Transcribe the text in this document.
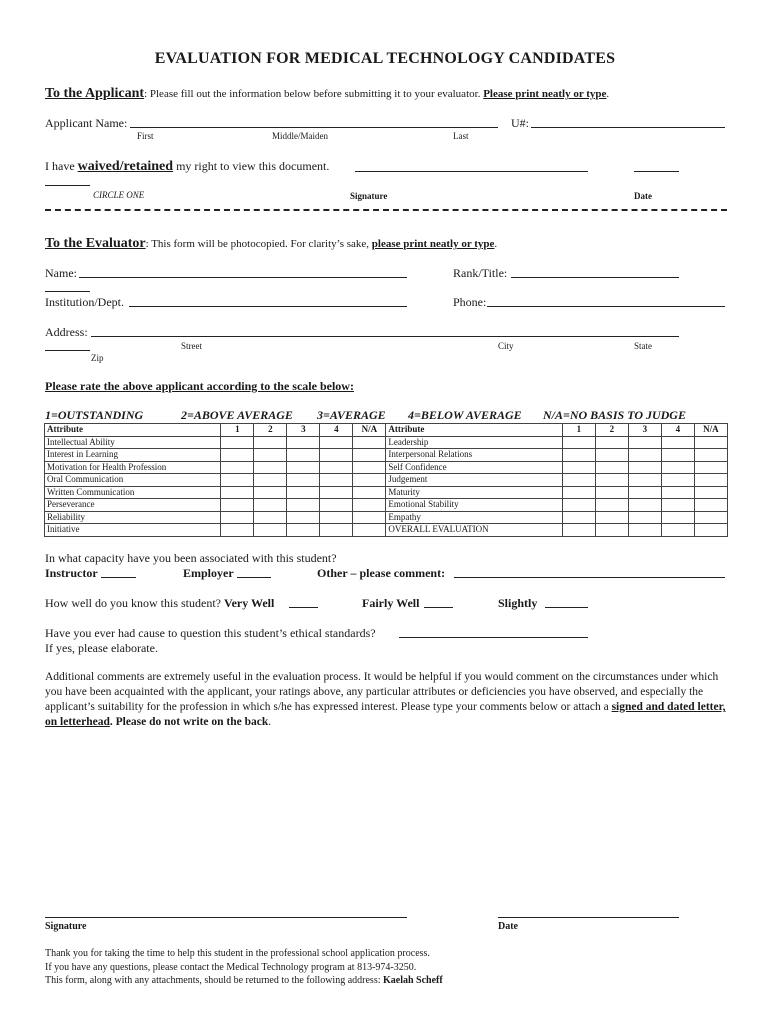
EVALUATION FOR MEDICAL TECHNOLOGY CANDIDATES
To the Applicant: Please fill out the information below before submitting it to your evaluator. Please print neatly or type.
Applicant Name:	U#:
First	Middle/Maiden	Last
I have waived/retained my right to view this document.
CIRCLE ONE	Signature	Date
To the Evaluator: This form will be photocopied. For clarity’s sake, please print neatly or type.
Name:	Rank/Title:
Institution/Dept.	Phone:
Address:
Street	City	State
Zip
Please rate the above applicant according to the scale below:
1=OUTSTANDING	2=ABOVE AVERAGE 3=AVERAGE 4=BELOW AVERAGE N/A=NO BASIS TO JUDGE
Attribute	1	2	3	4	N/A	Attribute	1	2	3	4	N/A
Intellectual Ability						Leadership					
Interest in Learning						Interpersonal Relations					
Motivation for Health Profession						Self Confidence					
Oral Communication						Judgement					
Written Communication						Maturity					
Perseverance						Emotional Stability					
Reliability						Empathy					
Initiative						OVERALL EVALUATION					
In what capacity have you been associated with this student?
Instructor	Employer	Other – please comment:
How well do you know this student? Very Well	Fairly Well	Slightly
Have you ever had cause to question this student’s ethical standards?
If yes, please elaborate.
Additional comments are extremely useful in the evaluation process. It would be helpful if you would comment on the circumstances under which you have been acquainted with the applicant, your ratings above, any particular attributes or deficiencies you have observed, and especially the applicant’s suitability for the profession in which s/he has expressed interest. Please type your comments below or attach a signed and dated letter, on letterhead. Please do not write on the back.
Signature	Date
Thank you for taking the time to help this student in the professional school application process.
If you have any questions, please contact the Medical Technology program at 813-974-3250.
This form, along with any attachments, should be returned to the following address: Kaelah Scheff
